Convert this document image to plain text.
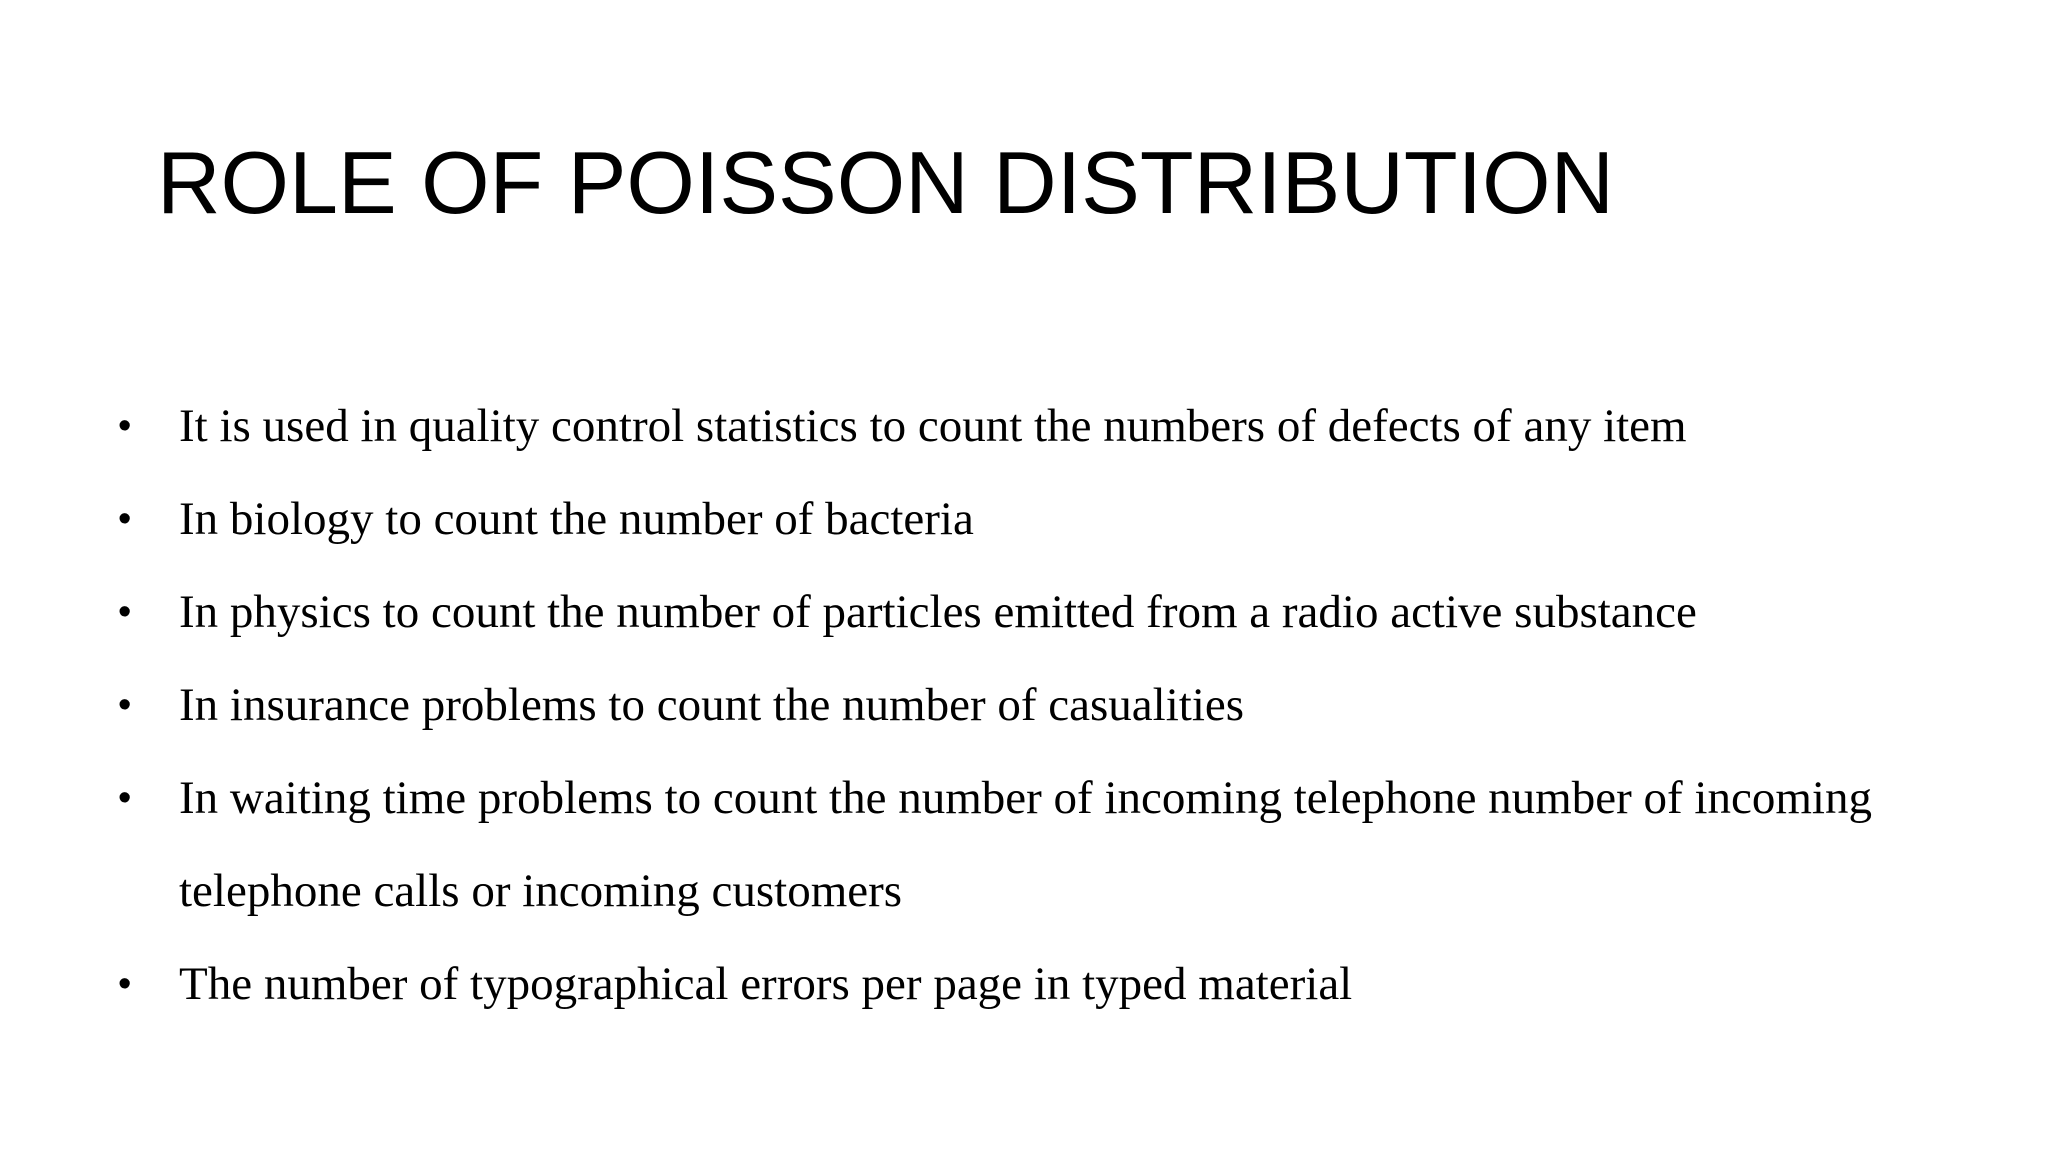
ROLE OF POISSON DISTRIBUTION
•	It is used in quality control statistics to count the numbers of defects of any item
•	In biology to count the number of bacteria
•	In physics to count the number of particles emitted from a radio active substance
•	In insurance problems to count the number of casualities
•	In waiting time problems to count the number of incoming telephone number of incoming telephone calls or incoming customers
•	The number of typographical errors per page in typed material
